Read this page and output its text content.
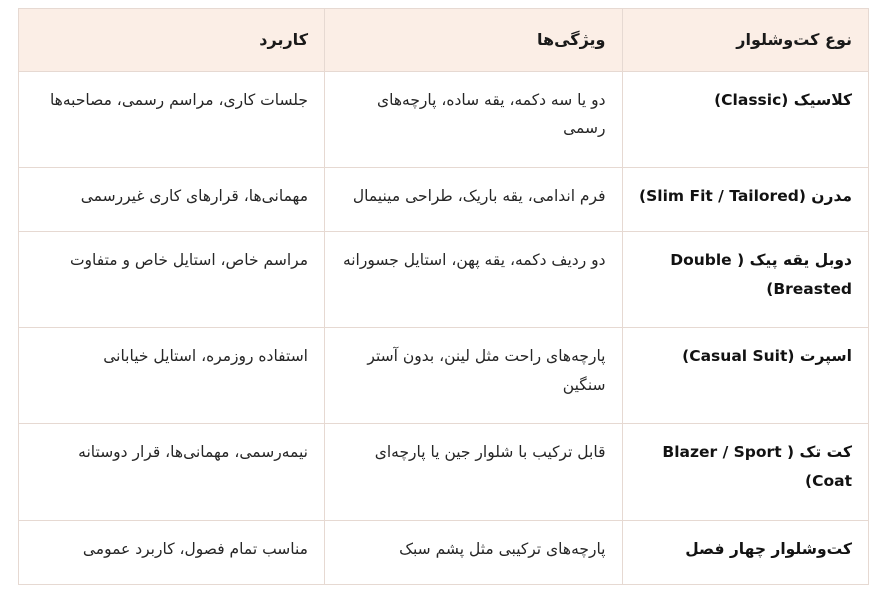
نوع کت‌وشلوار	ویژگی‌ها	کاربرد
کلاسیک (Classic)	دو یا سه دکمه، یقه ساده، پارچه‌های رسمی	جلسات کاری، مراسم رسمی، مصاحبه‌ها
مدرن (Slim Fit / Tailored)	فرم اندامی، یقه باریک، طراحی مینیمال	مهمانی‌ها، قرارهای کاری غیررسمی
دوبل یقه پیک ( Double Breasted)	دو ردیف دکمه، یقه پهن، استایل جسورانه	مراسم خاص، استایل خاص و متفاوت
اسپرت (Casual Suit)	پارچه‌های راحت مثل لینن، بدون آستر سنگین	استفاده روزمره، استایل خیابانی
کت تک ( Blazer / Sport Coat)	قابل ترکیب با شلوار جین یا پارچه‌ای	نیمه‌رسمی، مهمانی‌ها، قرار دوستانه
کت‌وشلوار چهار فصل	پارچه‌های ترکیبی مثل پشم سبک	مناسب تمام فصول، کاربرد عمومی
